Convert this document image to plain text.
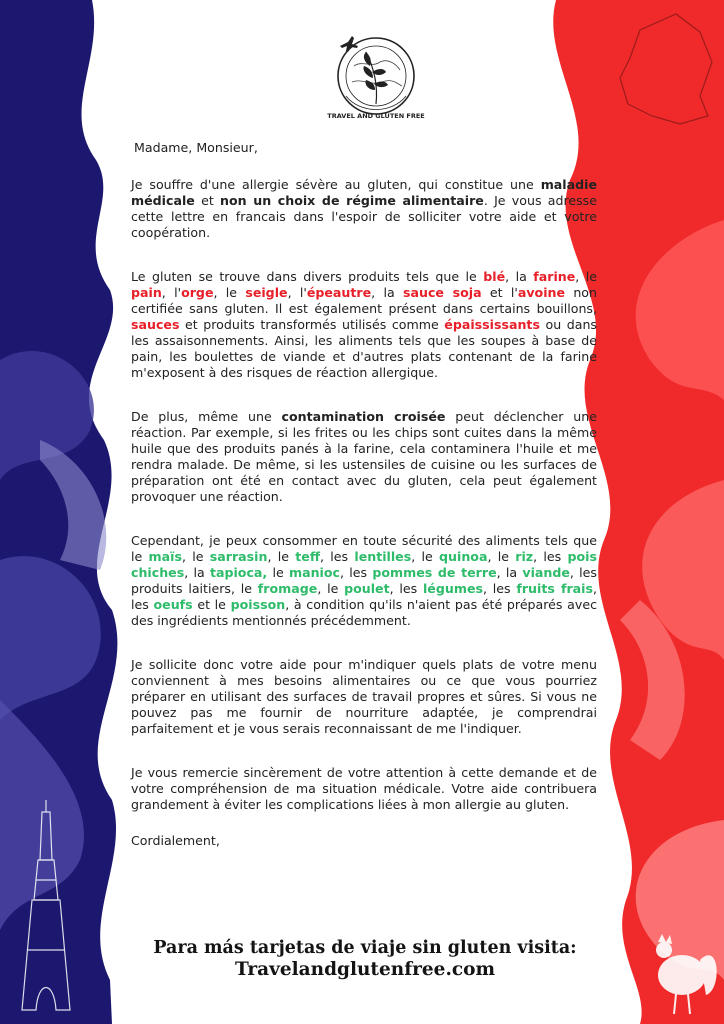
TRAVEL AND GLUTEN FREE

Madame, Monsieur,

Je souffre d'une allergie sévère au gluten, qui constitue une maladie médicale et non un choix de régime alimentaire. Je vous adresse cette lettre en francais dans l'espoir de solliciter votre aide et votre coopération.

Le gluten se trouve dans divers produits tels que le blé, la farine, le pain, l'orge, le seigle, l'épeautre, la sauce soja et l'avoine non certifiée sans gluten. Il est également présent dans certains bouillons, sauces et produits transformés utilisés comme épaississants ou dans les assaisonnements. Ainsi, les aliments tels que les soupes à base de pain, les boulettes de viande et d'autres plats contenant de la farine m'exposent à des risques de réaction allergique.

De plus, même une contamination croisée peut déclencher une réaction. Par exemple, si les frites ou les chips sont cuites dans la même huile que des produits panés à la farine, cela contaminera l'huile et me rendra malade. De même, si les ustensiles de cuisine ou les surfaces de préparation ont été en contact avec du gluten, cela peut également provoquer une réaction.

Cependant, je peux consommer en toute sécurité des aliments tels que le maïs, le sarrasin, le teff, les lentilles, le quinoa, le riz, les pois chiches, la tapioca, le manioc, les pommes de terre, la viande, les produits laitiers, le fromage, le poulet, les légumes, les fruits frais, les oeufs et le poisson, à condition qu'ils n'aient pas été préparés avec des ingrédients mentionnés précédemment.

Je sollicite donc votre aide pour m'indiquer quels plats de votre menu conviennent à mes besoins alimentaires ou ce que vous pourriez préparer en utilisant des surfaces de travail propres et sûres. Si vous ne pouvez pas me fournir de nourriture adaptée, je comprendrai parfaitement et je vous serais reconnaissant de me l'indiquer.

Je vous remercie sincèrement de votre attention à cette demande et de votre compréhension de ma situation médicale. Votre aide contribuera grandement à éviter les complications liées à mon allergie au gluten.

Cordialement,

Para más tarjetas de viaje sin gluten visita:
Travelandglutenfree.com
